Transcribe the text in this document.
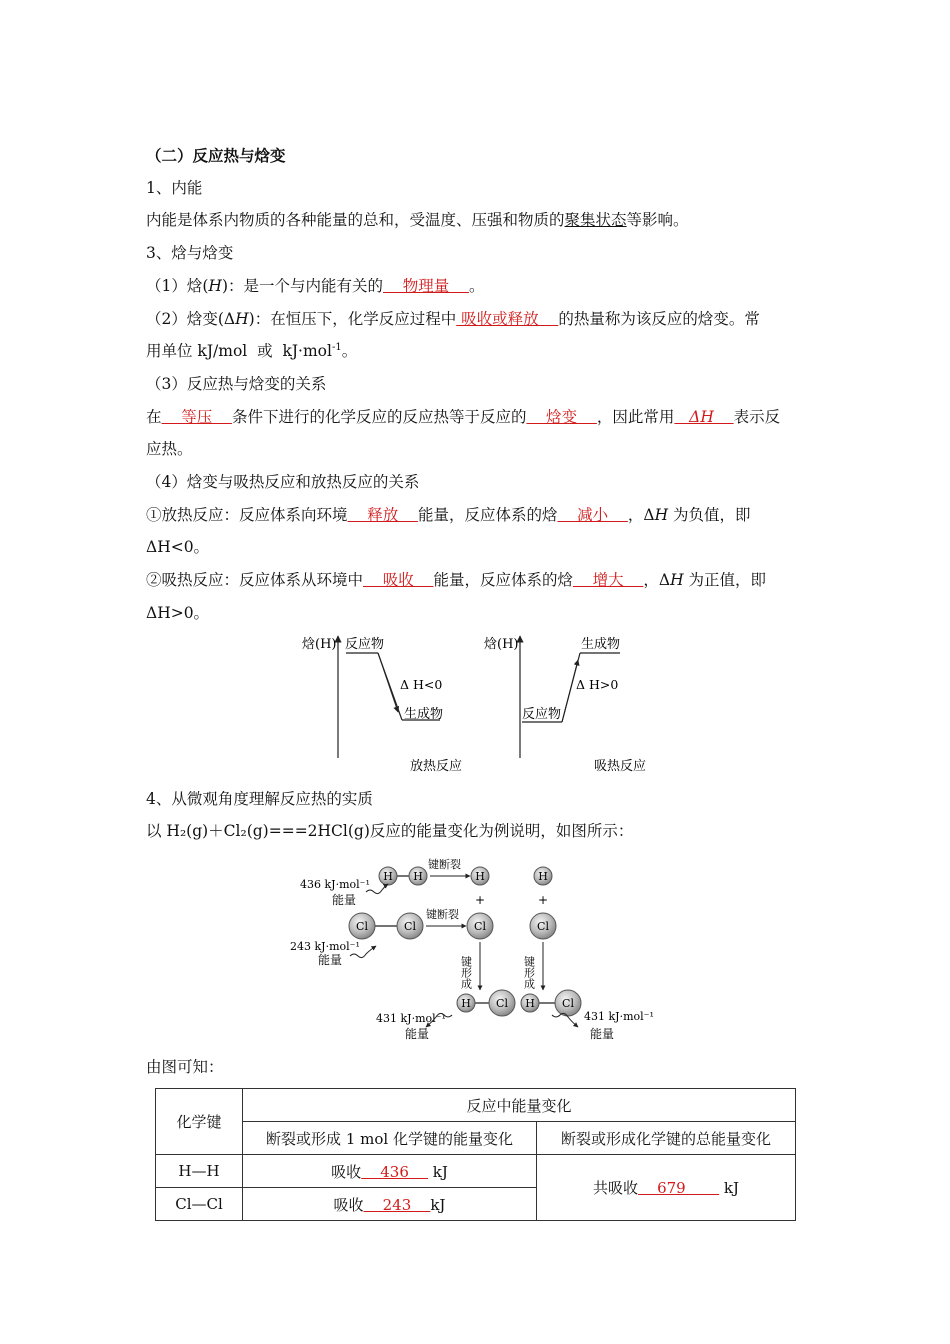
（二）反应热与焓变
1、内能
内能是体系内物质的各种能量的总和，受温度、压强和物质的聚集状态等影响。
3、焓与焓变
（1）焓(H)：是一个与内能有关的    物理量    。
（2）焓变(ΔH)：在恒压下，化学反应过程中 吸收或释放    的热量称为该反应的焓变。常
用单位 kJ/mol  或  kJ·mol$^{-1}$。
（3）反应热与焓变的关系
在    等压    条件下进行的化学反应的反应热等于反应的    焓变    ，因此常用   ΔH    表示反
应热。
（4）焓变与吸热反应和放热反应的关系
①放热反应：反应体系向环境    释放    能量，反应体系的焓    减小    ，ΔH 为负值，即
ΔH<0。
②吸热反应：反应体系从环境中    吸收    能量，反应体系的焓    增大    ，ΔH 为正值，即
ΔH>0。
焓(H) 反应物
Δ H<0
生成物
放热反应
焓(H)
反应物
生成物
Δ H>0
吸热反应
4、从微观角度理解反应热的实质
以 H₂(g)＋Cl₂(g)===2HCl(g)反应的能量变化为例说明，如图所示：
H H
键断裂
H	H
+	+
436 kJ·mol⁻¹
能量
Cl	Cl
键断裂
Cl	Cl
243 kJ·mol⁻¹
能量	键形成	键形成
H Cl H Cl
431 kJ·mol⁻¹
能量
431 kJ·mol⁻¹
能量
由图可知：
化学键	反应中能量变化	
	断裂或形成 1 mol 化学键的能量变化	断裂或形成化学键的总能量变化
H—H	吸收    436     kJ	共吸收    679        kJ
Cl—Cl	吸收    243    kJ	
